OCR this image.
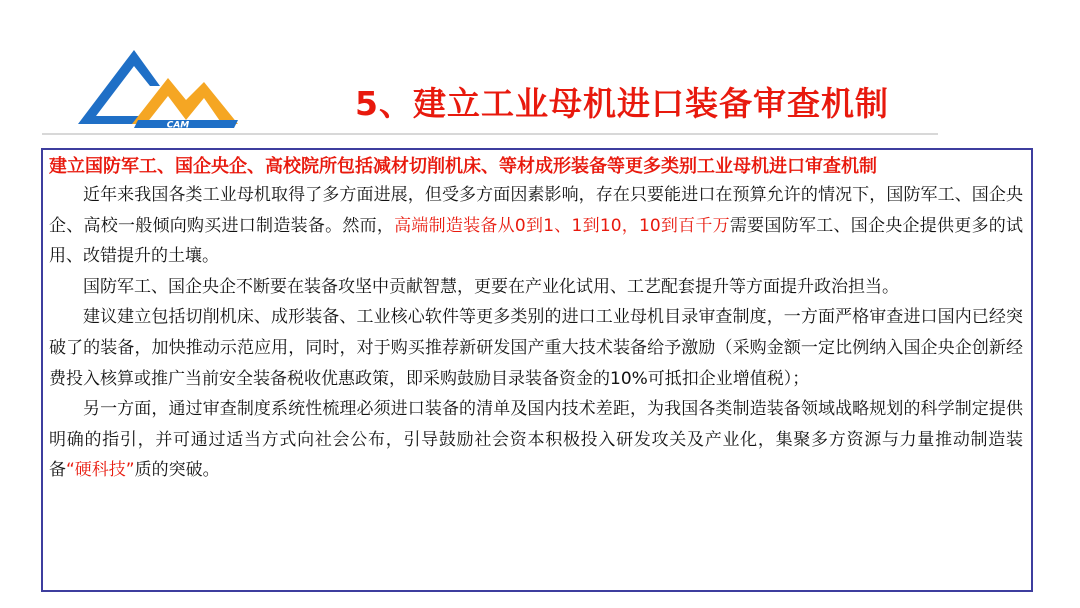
CAM
5、建立工业母机进口装备审查机制

建立国防军工、国企央企、高校院所包括减材切削机床、等材成形装备等更多类别工业母机进口审查机制

近年来我国各类工业母机取得了多方面进展，但受多方面因素影响，存在只要能进口在预算允许的情况下，国防军工、国企央企、高校一般倾向购买进口制造装备。然而，高端制造装备从0到1、1到10，10到百千万需要国防军工、国企央企提供更多的试用、改错提升的土壤。

国防军工、国企央企不断要在装备攻坚中贡献智慧，更要在产业化试用、工艺配套提升等方面提升政治担当。

建议建立包括切削机床、成形装备、工业核心软件等更多类别的进口工业母机目录审查制度，一方面严格审查进口国内已经突破了的装备，加快推动示范应用，同时，对于购买推荐新研发国产重大技术装备给予激励（采购金额一定比例纳入国企央企创新经费投入核算或推广当前安全装备税收优惠政策，即采购鼓励目录装备资金的10%可抵扣企业增值税）；

另一方面，通过审查制度系统性梳理必须进口装备的清单及国内技术差距，为我国各类制造装备领域战略规划的科学制定提供明确的指引，并可通过适当方式向社会公布，引导鼓励社会资本积极投入研发攻关及产业化，集聚多方资源与力量推动制造装备“硬科技”质的突破。
